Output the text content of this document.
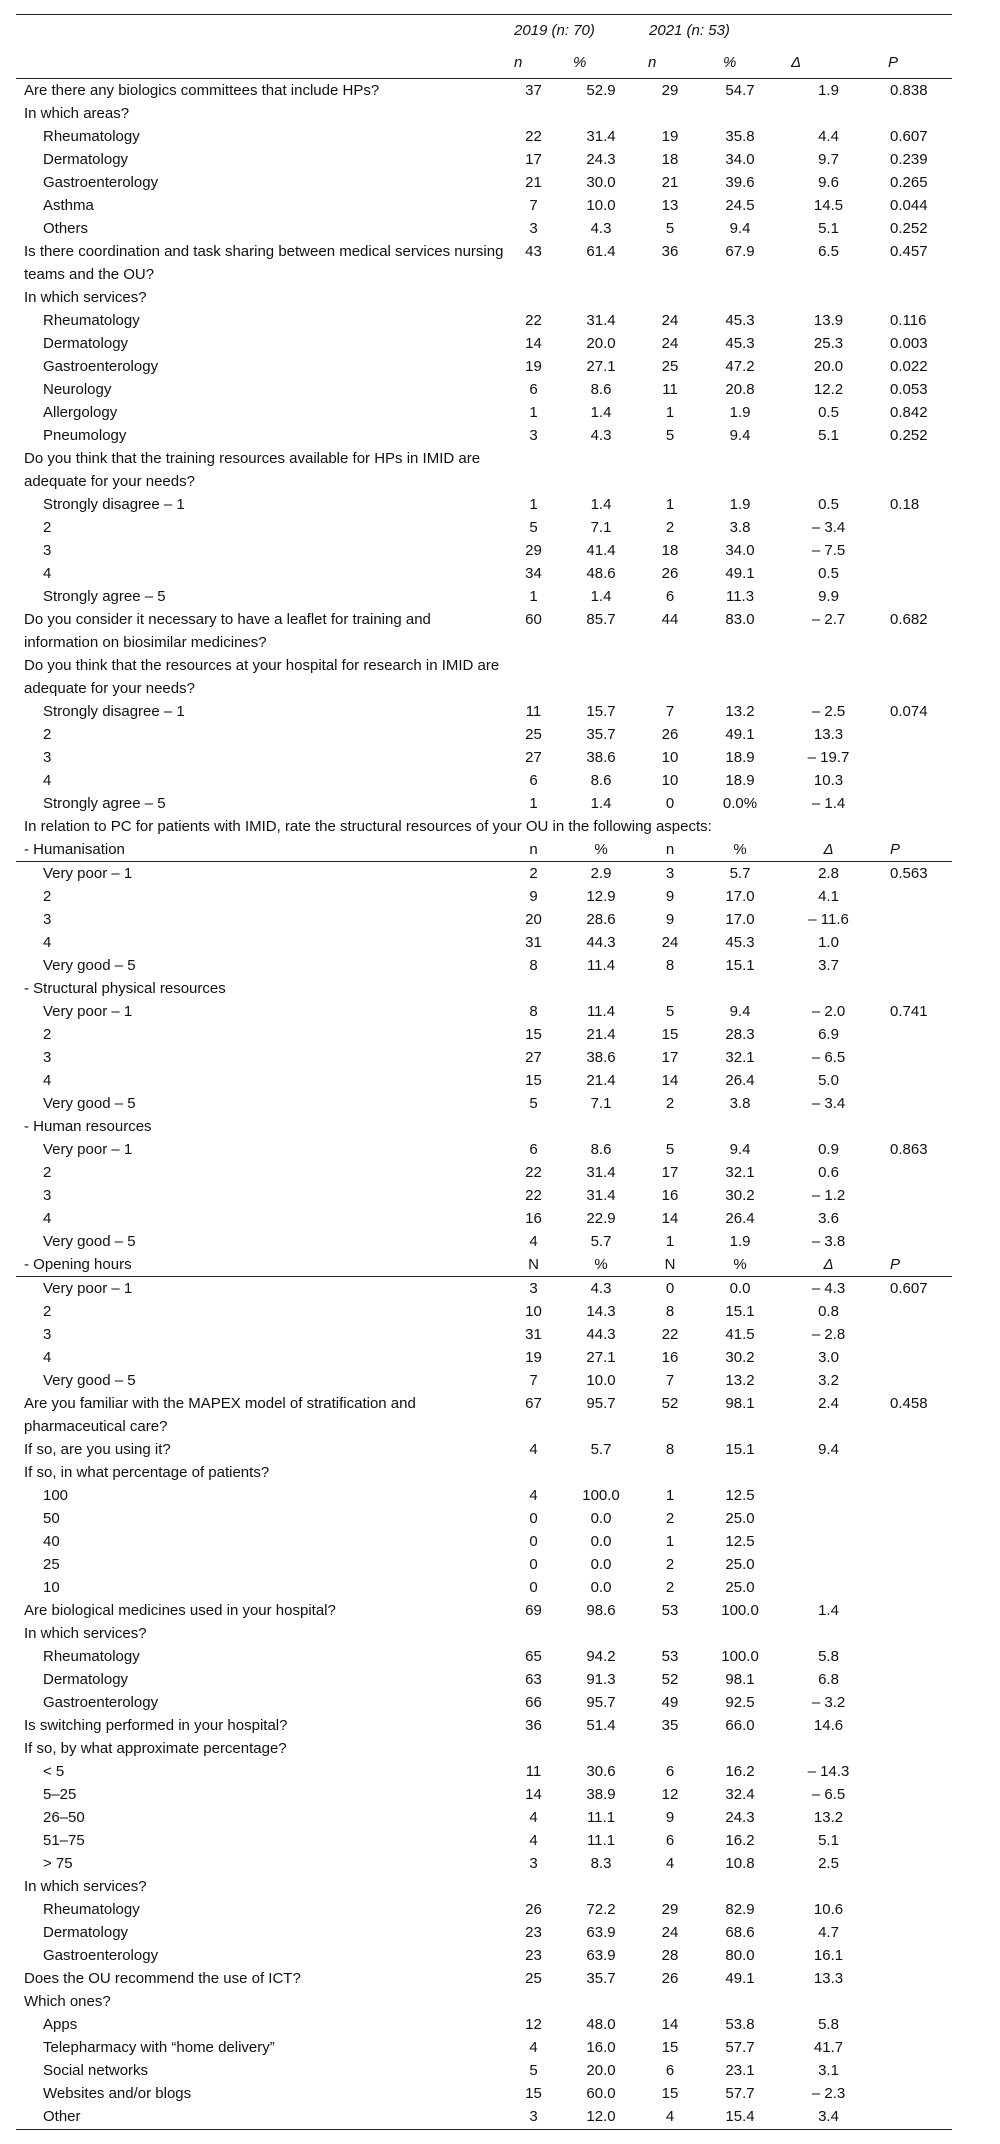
	2019 (n: 70)		2021 (n: 53)			
	n	%	n	%	Δ	P
Are there any biologics committees that include HPs?	37	52.9	29	54.7	1.9	0.838
In which areas?						
Rheumatology	22	31.4	19	35.8	4.4	0.607
Dermatology	17	24.3	18	34.0	9.7	0.239
Gastroenterology	21	30.0	21	39.6	9.6	0.265
Asthma	7	10.0	13	24.5	14.5	0.044
Others	3	4.3	5	9.4	5.1	0.252
Is there coordination and task sharing between medical services nursing teams and the OU?	43	61.4	36	67.9	6.5	0.457
In which services?						
Rheumatology	22	31.4	24	45.3	13.9	0.116
Dermatology	14	20.0	24	45.3	25.3	0.003
Gastroenterology	19	27.1	25	47.2	20.0	0.022
Neurology	6	8.6	11	20.8	12.2	0.053
Allergology	1	1.4	1	1.9	0.5	0.842
Pneumology	3	4.3	5	9.4	5.1	0.252
Do you think that the training resources available for HPs in IMID are adequate for your needs?						
Strongly disagree – 1	1	1.4	1	1.9	0.5	0.18
2	5	7.1	2	3.8	– 3.4	
3	29	41.4	18	34.0	– 7.5	
4	34	48.6	26	49.1	0.5	
Strongly agree – 5	1	1.4	6	11.3	9.9	
Do you consider it necessary to have a leaflet for training and information on biosimilar medicines?	60	85.7	44	83.0	– 2.7	0.682
Do you think that the resources at your hospital for research in IMID are adequate for your needs?						
Strongly disagree – 1	11	15.7	7	13.2	– 2.5	0.074
2	25	35.7	26	49.1	13.3	
3	27	38.6	10	18.9	– 19.7	
4	6	8.6	10	18.9	10.3	
Strongly agree – 5	1	1.4	0	0.0%	– 1.4	
In relation to PC for patients with IMID, rate the structural resources of your OU in the following aspects:						
- Humanisation	n	%	n	%	Δ	P
Very poor – 1	2	2.9	3	5.7	2.8	0.563
2	9	12.9	9	17.0	4.1	
3	20	28.6	9	17.0	– 11.6	
4	31	44.3	24	45.3	1.0	
Very good – 5	8	11.4	8	15.1	3.7	
- Structural physical resources						
Very poor – 1	8	11.4	5	9.4	– 2.0	0.741
2	15	21.4	15	28.3	6.9	
3	27	38.6	17	32.1	– 6.5	
4	15	21.4	14	26.4	5.0	
Very good – 5	5	7.1	2	3.8	– 3.4	
- Human resources						
Very poor – 1	6	8.6	5	9.4	0.9	0.863
2	22	31.4	17	32.1	0.6	
3	22	31.4	16	30.2	– 1.2	
4	16	22.9	14	26.4	3.6	
Very good – 5	4	5.7	1	1.9	– 3.8	
- Opening hours	N	%	N	%	Δ	P
Very poor – 1	3	4.3	0	0.0	– 4.3	0.607
2	10	14.3	8	15.1	0.8	
3	31	44.3	22	41.5	– 2.8	
4	19	27.1	16	30.2	3.0	
Very good – 5	7	10.0	7	13.2	3.2	
Are you familiar with the MAPEX model of stratification and pharmaceutical care?	67	95.7	52	98.1	2.4	0.458
If so, are you using it?	4	5.7	8	15.1	9.4	
If so, in what percentage of patients?						
100	4	100.0	1	12.5		
50	0	0.0	2	25.0		
40	0	0.0	1	12.5		
25	0	0.0	2	25.0		
10	0	0.0	2	25.0		
Are biological medicines used in your hospital?	69	98.6	53	100.0	1.4	
In which services?						
Rheumatology	65	94.2	53	100.0	5.8	
Dermatology	63	91.3	52	98.1	6.8	
Gastroenterology	66	95.7	49	92.5	– 3.2	
Is switching performed in your hospital?	36	51.4	35	66.0	14.6	
If so, by what approximate percentage?						
< 5	11	30.6	6	16.2	– 14.3	
5–25	14	38.9	12	32.4	– 6.5	
26–50	4	11.1	9	24.3	13.2	
51–75	4	11.1	6	16.2	5.1	
> 75	3	8.3	4	10.8	2.5	
In which services?						
Rheumatology	26	72.2	29	82.9	10.6	
Dermatology	23	63.9	24	68.6	4.7	
Gastroenterology	23	63.9	28	80.0	16.1	
Does the OU recommend the use of ICT?	25	35.7	26	49.1	13.3	
Which ones?						
Apps	12	48.0	14	53.8	5.8	
Telepharmacy with “home delivery”	4	16.0	15	57.7	41.7	
Social networks	5	20.0	6	23.1	3.1	
Websites and/or blogs	15	60.0	15	57.7	– 2.3	
Other	3	12.0	4	15.4	3.4	
